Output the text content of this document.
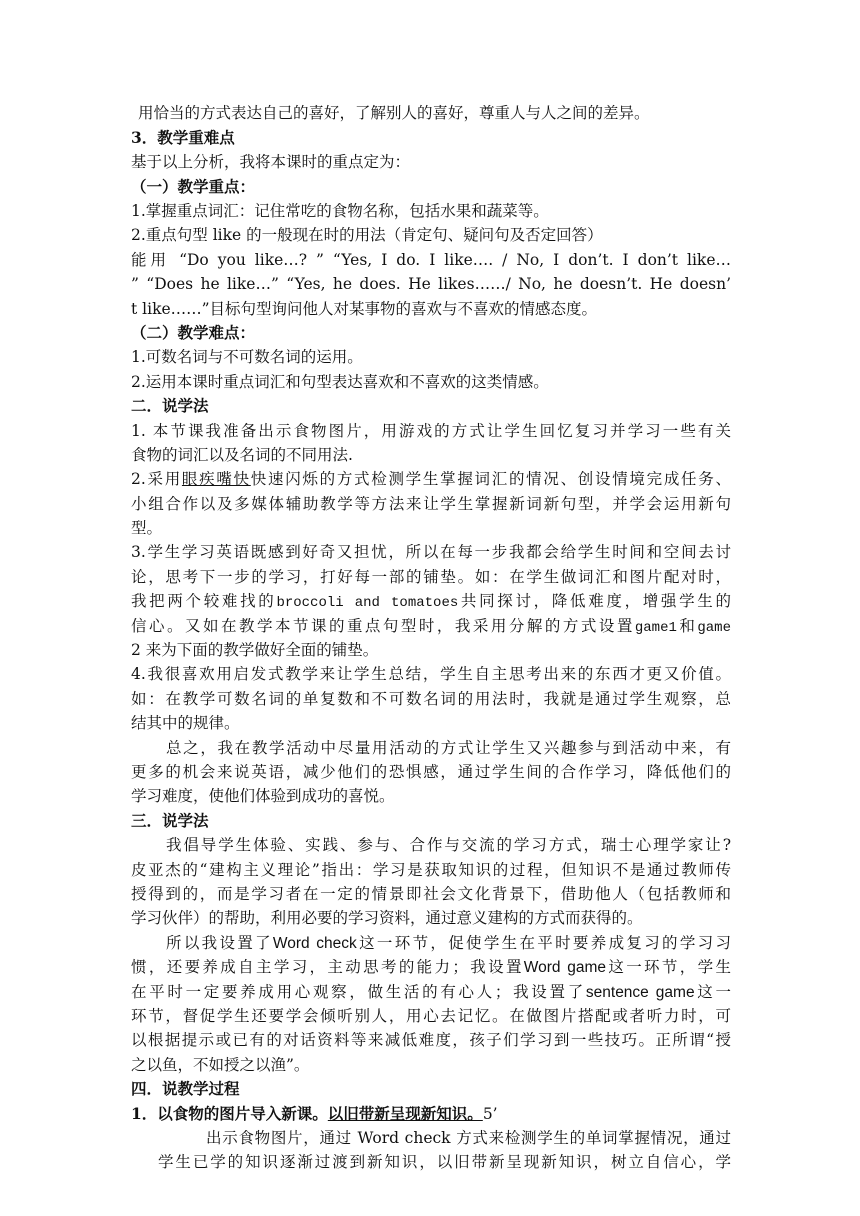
用恰当的方式表达自己的喜好，了解别人的喜好，尊重人与人之间的差异。
3．教学重难点
基于以上分析，我将本课时的重点定为：
（一）教学重点：
1.掌握重点词汇：记住常吃的食物名称，包括水果和蔬菜等。
2.重点句型 like 的一般现在时的用法（肯定句、疑问句及否定回答）
能用 “Do you like…? ” “Yes, I do. I like…. / No, I don’t. I don’t like…
” “Does he like…” “Yes, he does. He likes……/ No, he doesn’t. He doesn’
t like……”目标句型询问他人对某事物的喜欢与不喜欢的情感态度。
（二）教学难点：
1.可数名词与不可数名词的运用。
2.运用本课时重点词汇和句型表达喜欢和不喜欢的这类情感。
二．说学法
1. 本节课我准备出示食物图片，用游戏的方式让学生回忆复习并学习一些有关
食物的词汇以及名词的不同用法.
2.采用眼疾嘴快快速闪烁的方式检测学生掌握词汇的情况、创设情境完成任务、
小组合作以及多媒体辅助教学等方法来让学生掌握新词新句型，并学会运用新句
型。
3.学生学习英语既感到好奇又担忧，所以在每一步我都会给学生时间和空间去讨
论，思考下一步的学习，打好每一部的铺垫。如：在学生做词汇和图片配对时，
我把两个较难找的broccoli and tomatoes共同探讨，降低难度，增强学生的
信心。又如在教学本节课的重点句型时，我采用分解的方式设置game1和game
2 来为下面的教学做好全面的铺垫。
4.我很喜欢用启发式教学来让学生总结，学生自主思考出来的东西才更又价值。
如：在教学可数名词的单复数和不可数名词的用法时，我就是通过学生观察，总
结其中的规律。
总之，我在教学活动中尽量用活动的方式让学生又兴趣参与到活动中来，有
更多的机会来说英语，减少他们的恐惧感，通过学生间的合作学习，降低他们的
学习难度，使他们体验到成功的喜悦。
三．说学法
我倡导学生体验、实践、参与、合作与交流的学习方式，瑞士心理学家让?
皮亚杰的“建构主义理论”指出：学习是获取知识的过程，但知识不是通过教师传
授得到的，而是学习者在一定的情景即社会文化背景下，借助他人（包括教师和
学习伙伴）的帮助，利用必要的学习资料，通过意义建构的方式而获得的。
所以我设置了Word check这一环节，促使学生在平时要养成复习的学习习
惯，还要养成自主学习，主动思考的能力；我设置Word game这一环节，学生
在平时一定要养成用心观察，做生活的有心人；我设置了sentence game这一
环节，督促学生还要学会倾听别人，用心去记忆。在做图片搭配或者听力时，可
以根据提示或已有的对话资料等来减低难度，孩子们学习到一些技巧。正所谓“授
之以鱼，不如授之以渔”。
四．说教学过程
1．以食物的图片导入新课。以旧带新呈现新知识。5’
出示食物图片，通过 Word check 方式来检测学生的单词掌握情况，通过
学生已学的知识逐渐过渡到新知识，以旧带新呈现新知识，树立自信心，学
